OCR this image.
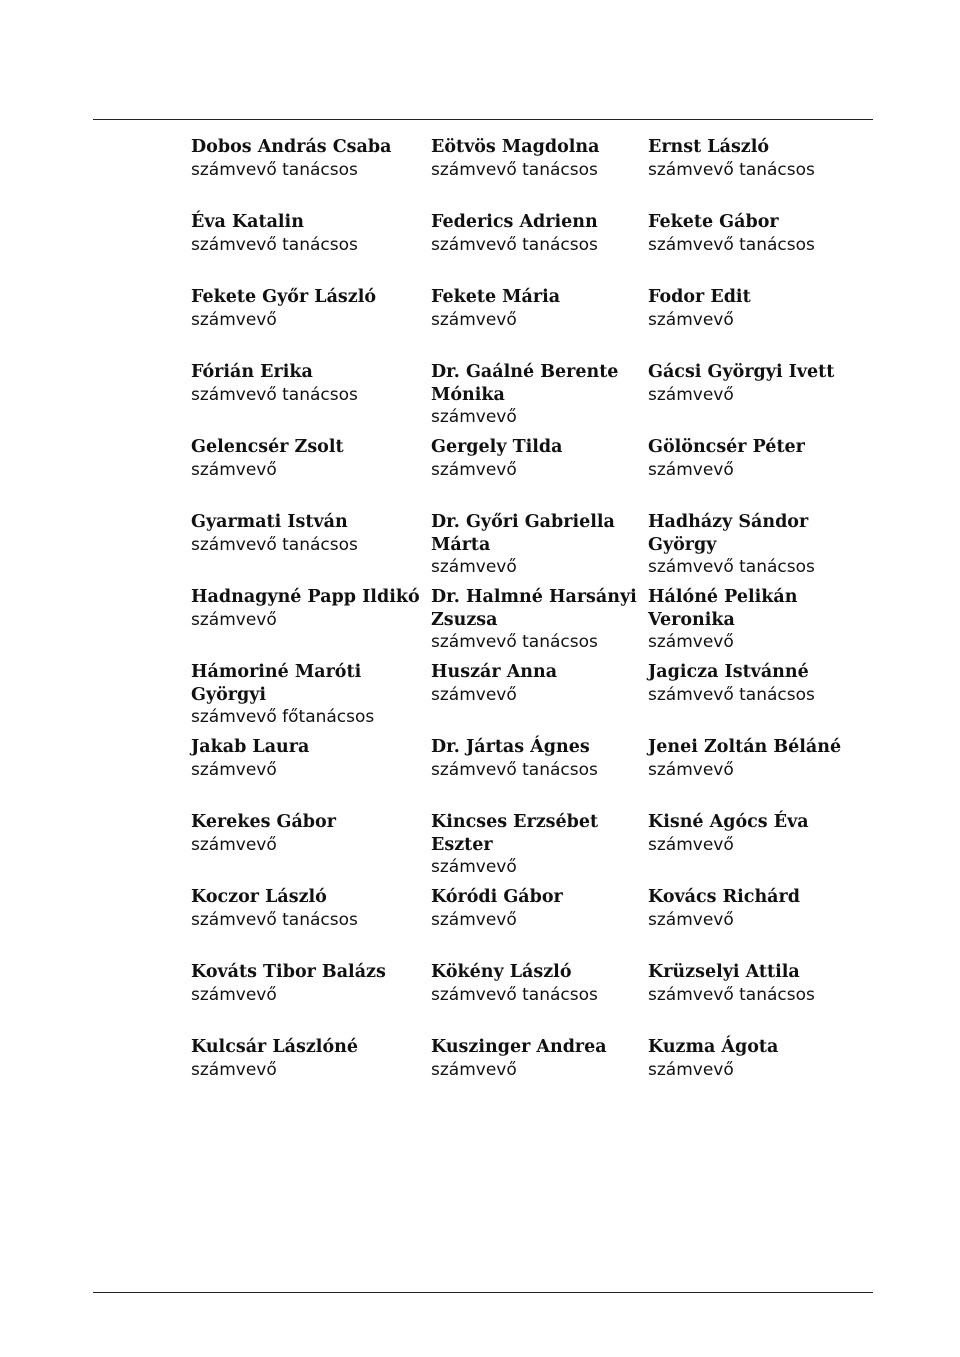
Dobos András Csaba
számvevő tanácsos
Eötvös Magdolna
számvevő tanácsos
Ernst László
számvevő tanácsos
Éva Katalin
számvevő tanácsos
Federics Adrienn
számvevő tanácsos
Fekete Gábor
számvevő tanácsos
Fekete Győr László
számvevő
Fekete Mária
számvevő
Fodor Edit
számvevő
Fórián Erika
számvevő tanácsos
Dr. Gaálné Berente
Mónika
számvevő
Gácsi Györgyi Ivett
számvevő
Gelencsér Zsolt
számvevő
Gergely Tilda
számvevő
Gölöncsér Péter
számvevő
Gyarmati István
számvevő tanácsos
Dr. Győri Gabriella
Márta
számvevő
Hadházy Sándor
György
számvevő tanácsos
Hadnagyné Papp Ildikó
számvevő
Dr. Halmné Harsányi
Zsuzsa
számvevő tanácsos
Hálóné Pelikán
Veronika
számvevő
Hámoriné Maróti
Györgyi
számvevő főtanácsos
Huszár Anna
számvevő
Jagicza Istvánné
számvevő tanácsos
Jakab Laura
számvevő
Dr. Jártas Ágnes
számvevő tanácsos
Jenei Zoltán Béláné
számvevő
Kerekes Gábor
számvevő
Kincses Erzsébet
Eszter
számvevő
Kisné Agócs Éva
számvevő
Koczor László
számvevő tanácsos
Kóródi Gábor
számvevő
Kovács Richárd
számvevő
Kováts Tibor Balázs
számvevő
Kökény László
számvevő tanácsos
Krüzselyi Attila
számvevő tanácsos
Kulcsár Lászlóné
számvevő
Kuszinger Andrea
számvevő
Kuzma Ágota
számvevő
